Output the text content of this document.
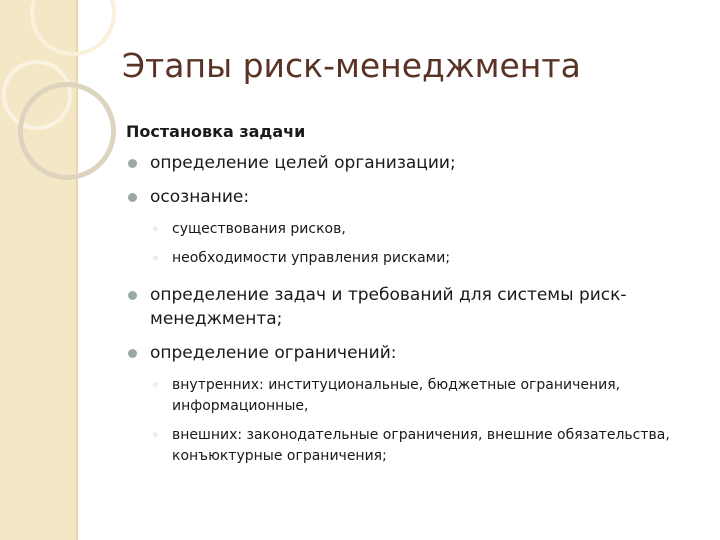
Этапы риск-менеджмента
Постановка задачи
определение целей организации;
осознание:
◦ существования рисков,
◦ необходимости управления рисками;
определение задач и требований для системы риск-менеджмента;
определение ограничений:
◦ внутренних: институциональные, бюджетные ограничения, информационные,
◦ внешних: законодательные ограничения, внешние обязательства, конъюктурные ограничения;
